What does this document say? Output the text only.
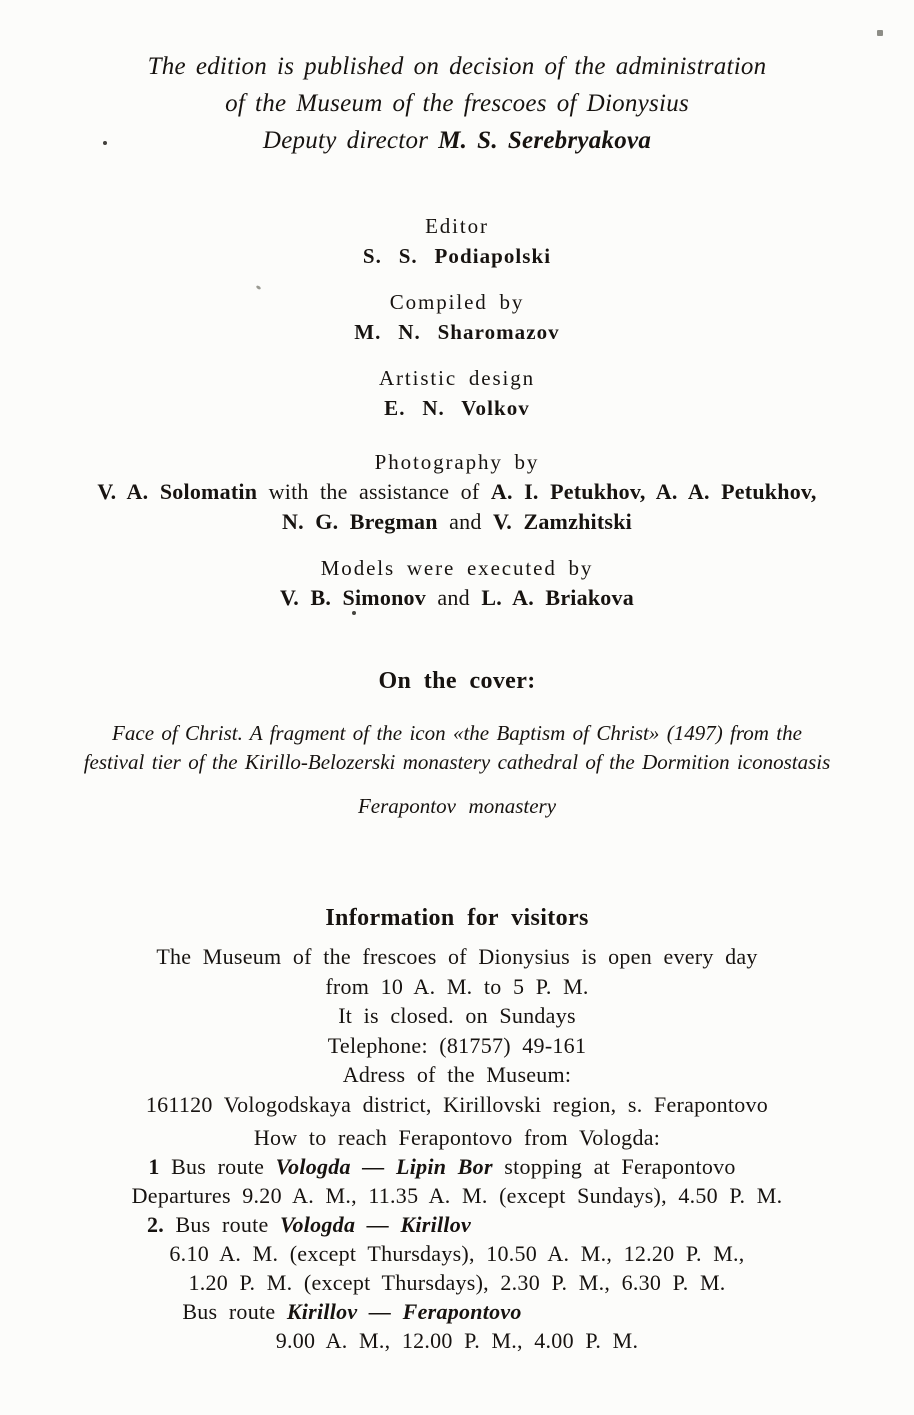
The edition is published on decision of the administration
of the Museum of the frescoes of Dionysius
Deputy director M. S. Serebryakova
Editor
S. S. Podiapolski
Compiled by
M. N. Sharomazov
Artistic design
E. N. Volkov
Photography by
V. A. Solomatin with the assistance of A. I. Petukhov, A. A. Petukhov,
N. G. Bregman and V. Zamzhitski
Models were executed by
V. B. Simonov and L. A. Briakova
On the cover:
Face of Christ. A fragment of the icon «the Baptism of Christ» (1497) from the
festival tier of the Kirillo-Belozerski monastery cathedral of the Dormition iconostasis
Ferapontov monastery
Information for visitors
The Museum of the frescoes of Dionysius is open every day
from 10 A. M. to 5 P. M.
It is closed. on Sundays
Telephone: (81757) 49-161
Adress of the Museum:
161120 Vologodskaya district, Kirillovski region, s. Ferapontovo
How to reach Ferapontovo from Vologda:
1 Bus route Vologda — Lipin Bor stopping at Ferapontovo
Departures 9.20 A. M., 11.35 A. M. (except Sundays), 4.50 P. M.
2. Bus route Vologda — Kirillov
6.10 A. M. (except Thursdays), 10.50 A. M., 12.20 P. M.,
1.20 P. M. (except Thursdays), 2.30 P. M., 6.30 P. M.
Bus route Kirillov — Ferapontovo
9.00 A. M., 12.00 P. M., 4.00 P. M.
